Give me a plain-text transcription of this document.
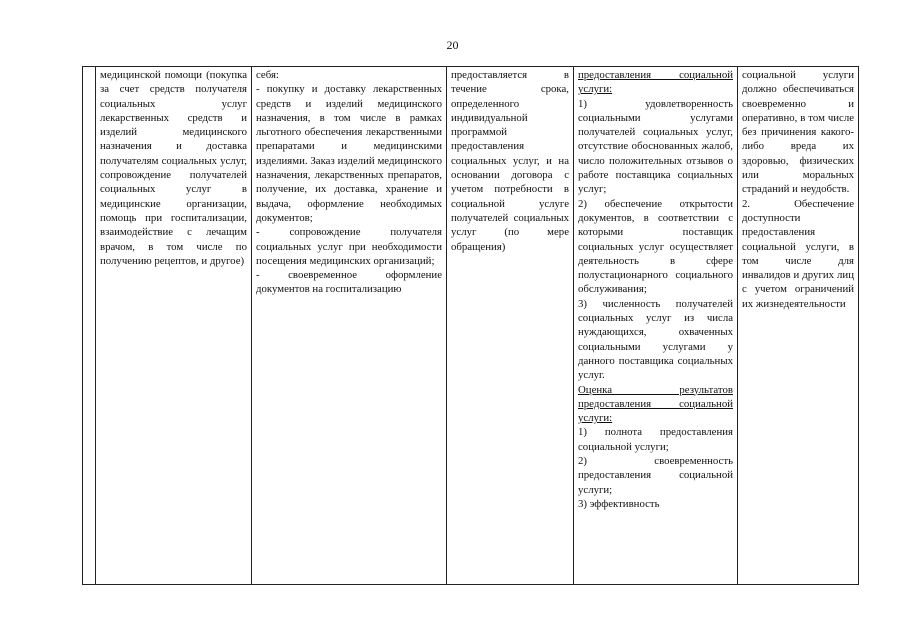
20

медицинской помощи (покупка за счет средств получателя социальных услуг лекарственных средств и изделий медицинского назначения и доставка получателям социальных услуг, сопровождение получателей социальных услуг в медицинские организации, помощь при госпитализации, взаимодействие с лечащим врачом, в том числе по получению рецептов, и другое)

себя:
- покупку и доставку лекарственных средств и изделий медицинского назначения, в том числе в рамках льготного обеспечения лекарственными препаратами и медицинскими изделиями. Заказ изделий медицинского назначения, лекарственных препаратов, получение, их доставка, хранение и выдача, оформление необходимых документов;
- сопровождение получателя социальных услуг при необходимости посещения медицинских организаций;
- своевременное оформление документов на госпитализацию

предоставляется в течение срока, определенного индивидуальной программой предоставления социальных услуг, и на основании договора с учетом потребности в социальной услуге получателей социальных услуг (по мере обращения)

предоставления социальной услуги:
1) удовлетворенность социальными услугами получателей социальных услуг, отсутствие обоснованных жалоб, число положительных отзывов о работе поставщика социальных услуг;
2) обеспечение открытости документов, в соответствии с которыми поставщик социальных услуг осуществляет деятельность в сфере полустационарного социального обслуживания;
3) численность получателей социальных услуг из числа нуждающихся, охваченных социальными услугами у данного поставщика социальных услуг.
Оценка результатов предоставления социальной услуги:
1) полнота предоставления социальной услуги;
2) своевременность предоставления социальной услуги;
3) эффективность

социальной услуги должно обеспечиваться своевременно и оперативно, в том числе без причинения какого-либо вреда их здоровью, физических или моральных страданий и неудобств.
2. Обеспечение доступности предоставления социальной услуги, в том числе для инвалидов и других лиц с учетом ограничений их жизнедеятельности
